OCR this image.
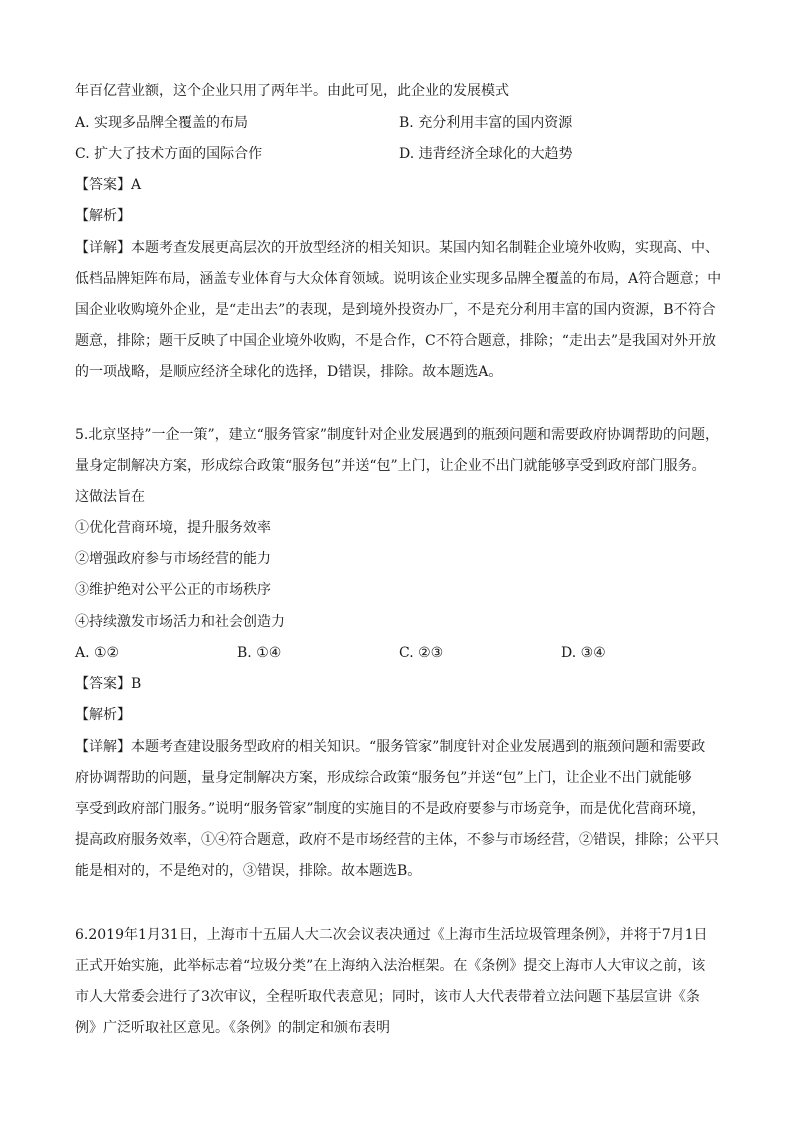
年百亿营业额，这个企业只用了两年半。由此可见，此企业的发展模式
A. 实现多品牌全覆盖的布局	B. 充分利用丰富的国内资源
C. 扩大了技术方面的国际合作	D. 违背经济全球化的大趋势
【答案】A
【解析】
【详解】本题考查发展更高层次的开放型经济的相关知识。某国内知名制鞋企业境外收购，实现高、中、
低档品牌矩阵布局，涵盖专业体育与大众体育领域。说明该企业实现多品牌全覆盖的布局，A符合题意；中
国企业收购境外企业，是“走出去”的表现，是到境外投资办厂，不是充分利用丰富的国内资源，B不符合
题意，排除；题干反映了中国企业境外收购，不是合作，C不符合题意，排除；“走出去”是我国对外开放
的一项战略，是顺应经济全球化的选择，D错误，排除。故本题选A。
5.北京坚持”一企一策”，建立“服务管家”制度针对企业发展遇到的瓶颈问题和需要政府协调帮助的问题，
量身定制解决方案，形成综合政策“服务包”并送“包”上门，让企业不出门就能够享受到政府部门服务。
这做法旨在
①优化营商环境，提升服务效率
②增强政府参与市场经营的能力
③维护绝对公平公正的市场秩序
④持续激发市场活力和社会创造力
A. ①②	B. ①④	C. ②③	D. ③④
【答案】B
【解析】
【详解】本题考查建设服务型政府的相关知识。“服务管家”制度针对企业发展遇到的瓶颈问题和需要政
府协调帮助的问题，量身定制解决方案，形成综合政策“服务包”并送“包”上门，让企业不出门就能够
享受到政府部门服务。”说明“服务管家”制度的实施目的不是政府要参与市场竞争，而是优化营商环境，
提高政府服务效率，①④符合题意，政府不是市场经营的主体，不参与市场经营，②错误，排除；公平只
能是相对的，不是绝对的，③错误，排除。故本题选B。
6.2019年1月31日，上海市十五届人大二次会议表决通过《上海市生活垃圾管理条例》，并将于7月1日
正式开始实施，此举标志着“垃圾分类”在上海纳入法治框架。在《条例》提交上海市人大审议之前，该
市人大常委会进行了3次审议，全程听取代表意见；同时，该市人大代表带着立法问题下基层宣讲《条
例》广泛听取社区意见。《条例》的制定和颁布表明
